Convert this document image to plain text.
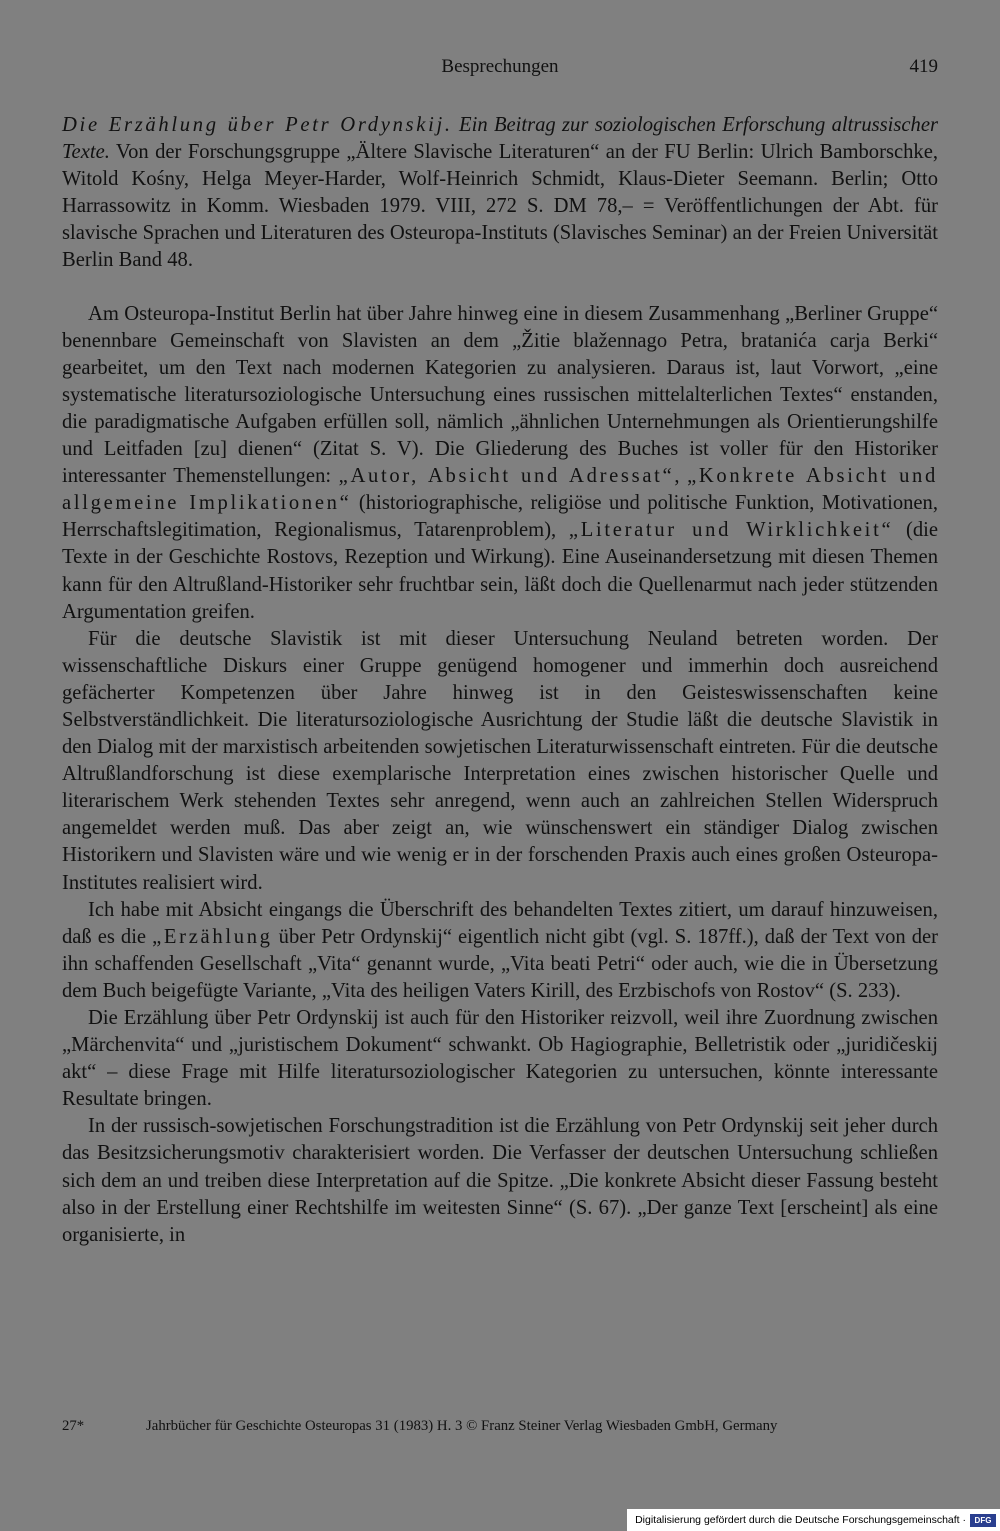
Besprechungen	419

Die Erzählung über Petr Ordynskij. Ein Beitrag zur soziologischen Erforschung altrussischer Texte. Von der Forschungsgruppe „Ältere Slavische Literaturen“ an der FU Berlin: Ulrich Bamborschke, Witold Kośny, Helga Meyer-Harder, Wolf-Heinrich Schmidt, Klaus-Dieter Seemann. Berlin; Otto Harrassowitz in Komm. Wiesbaden 1979. VIII, 272 S. DM 78,– = Veröffentlichungen der Abt. für slavische Sprachen und Literaturen des Osteuropa-Instituts (Slavisches Seminar) an der Freien Universität Berlin Band 48.

Am Osteuropa-Institut Berlin hat über Jahre hinweg eine in diesem Zusammenhang „Berliner Gruppe“ benennbare Gemeinschaft von Slavisten an dem „Žitie blažennago Petra, bratanića carja Berki“ gearbeitet, um den Text nach modernen Kategorien zu analysieren. Daraus ist, laut Vorwort, „eine systematische literatursoziologische Untersuchung eines russischen mittelalterlichen Textes“ enstanden, die paradigmatische Aufgaben erfüllen soll, nämlich „ähnlichen Unternehmungen als Orientierungshilfe und Leitfaden [zu] dienen“ (Zitat S. V). Die Gliederung des Buches ist voller für den Historiker interessanter Themenstellungen: „Autor, Absicht und Adressat“, „Konkrete Absicht und allgemeine Implikationen“ (historiographische, religiöse und politische Funktion, Motivationen, Herrschaftslegitimation, Regionalismus, Tatarenproblem), „Literatur und Wirklichkeit“ (die Texte in der Geschichte Rostovs, Rezeption und Wirkung). Eine Auseinandersetzung mit diesen Themen kann für den Altrußland-Historiker sehr fruchtbar sein, läßt doch die Quellenarmut nach jeder stützenden Argumentation greifen.

Für die deutsche Slavistik ist mit dieser Untersuchung Neuland betreten worden. Der wissenschaftliche Diskurs einer Gruppe genügend homogener und immerhin doch ausreichend gefächerter Kompetenzen über Jahre hinweg ist in den Geisteswissenschaften keine Selbstverständlichkeit. Die literatursoziologische Ausrichtung der Studie läßt die deutsche Slavistik in den Dialog mit der marxistisch arbeitenden sowjetischen Literaturwissenschaft eintreten. Für die deutsche Altrußlandforschung ist diese exemplarische Interpretation eines zwischen historischer Quelle und literarischem Werk stehenden Textes sehr anregend, wenn auch an zahlreichen Stellen Widerspruch angemeldet werden muß. Das aber zeigt an, wie wünschenswert ein ständiger Dialog zwischen Historikern und Slavisten wäre und wie wenig er in der forschenden Praxis auch eines großen Osteuropa-Institutes realisiert wird.

Ich habe mit Absicht eingangs die Überschrift des behandelten Textes zitiert, um darauf hinzuweisen, daß es die „Erzählung über Petr Ordynskij“ eigentlich nicht gibt (vgl. S. 187ff.), daß der Text von der ihn schaffenden Gesellschaft „Vita“ genannt wurde, „Vita beati Petri“ oder auch, wie die in Übersetzung dem Buch beigefügte Variante, „Vita des heiligen Vaters Kirill, des Erzbischofs von Rostov“ (S. 233).

Die Erzählung über Petr Ordynskij ist auch für den Historiker reizvoll, weil ihre Zuordnung zwischen „Märchenvita“ und „juristischem Dokument“ schwankt. Ob Hagiographie, Belletristik oder „juridičeskij akt“ – diese Frage mit Hilfe literatursoziologischer Kategorien zu untersuchen, könnte interessante Resultate bringen.

In der russisch-sowjetischen Forschungstradition ist die Erzählung von Petr Ordynskij seit jeher durch das Besitzsicherungsmotiv charakterisiert worden. Die Verfasser der deutschen Untersuchung schließen sich dem an und treiben diese Interpretation auf die Spitze. „Die konkrete Absicht dieser Fassung besteht also in der Erstellung einer Rechtshilfe im weitesten Sinne“ (S. 67). „Der ganze Text [erscheint] als eine organisierte, in

27*	Jahrbücher für Geschichte Osteuropas 31 (1983) H. 3 © Franz Steiner Verlag Wiesbaden GmbH, Germany
Digitalisierung gefördert durch die Deutsche Forschungsgemeinschaft ·	DFG
